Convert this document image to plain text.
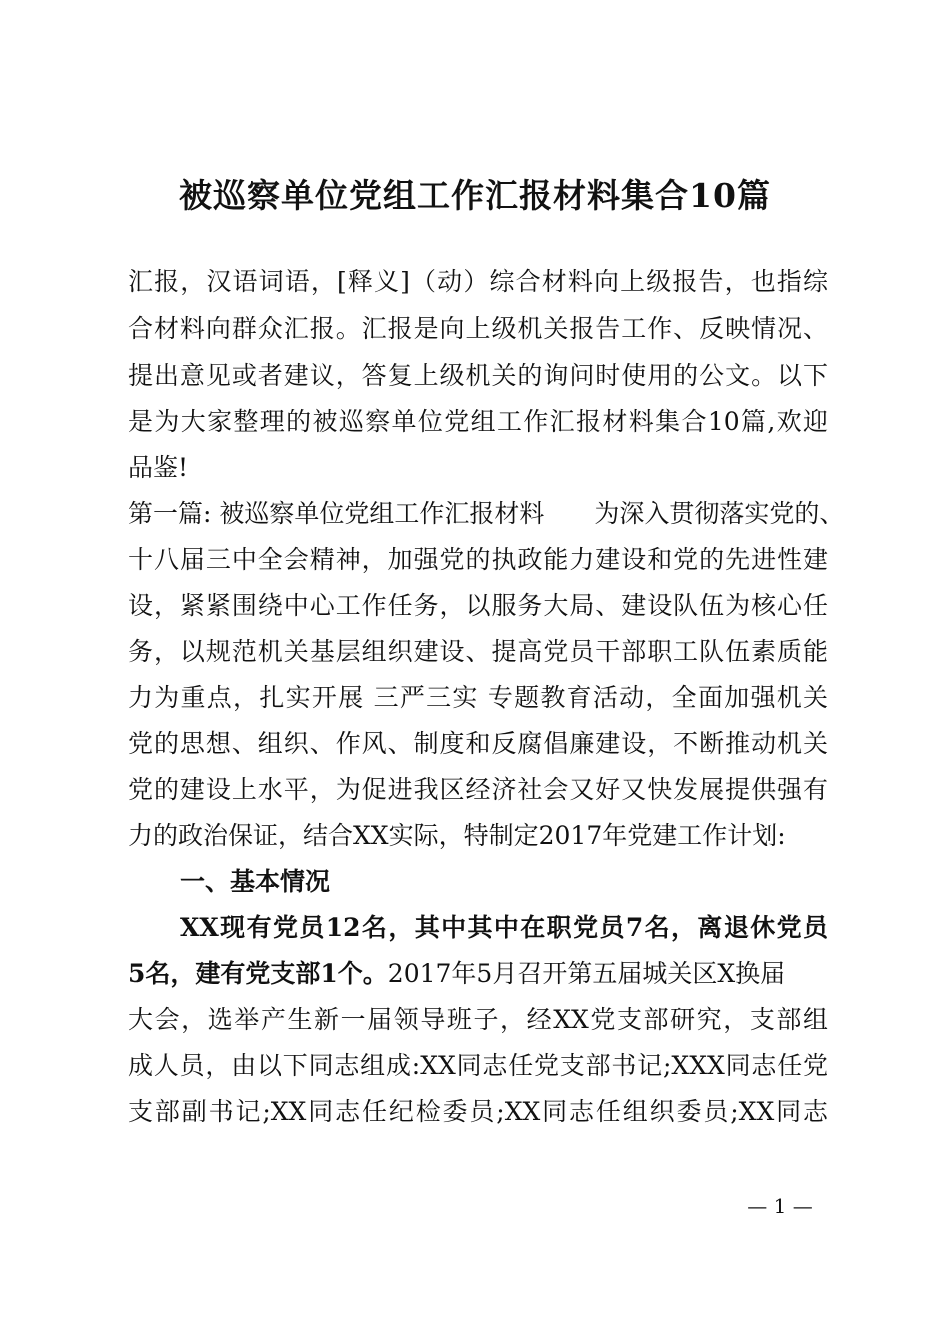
被巡察单位党组工作汇报材料集合10篇
汇报，汉语词语，[释义]（动）综合材料向上级报告，也指综
合材料向群众汇报。汇报是向上级机关报告工作、反映情况、
提出意见或者建议，答复上级机关的询问时使用的公文。以下
是为大家整理的被巡察单位党组工作汇报材料集合10篇,欢迎
品鉴!
第一篇: 被巡察单位党组工作汇报材料　　为深入贯彻落实党的、
十八届三中全会精神，加强党的执政能力建设和党的先进性建
设，紧紧围绕中心工作任务，以服务大局、建设队伍为核心任
务，以规范机关基层组织建设、提高党员干部职工队伍素质能
力为重点，扎实开展 三严三实 专题教育活动，全面加强机关
党的思想、组织、作风、制度和反腐倡廉建设，不断推动机关
党的建设上水平，为促进我区经济社会又好又快发展提供强有
力的政治保证，结合XX实际，特制定2017年党建工作计划:
一、基本情况
XX现有党员12名，其中其中在职党员7名，离退休党员
5名，建有党支部1个。2017年5月召开第五届城关区X换届
大会，选举产生新一届领导班子，经XX党支部研究，支部组
成人员，由以下同志组成:XX同志任党支部书记;XXX同志任党
支部副书记;XX同志任纪检委员;XX同志任组织委员;XX同志
— 1 —
